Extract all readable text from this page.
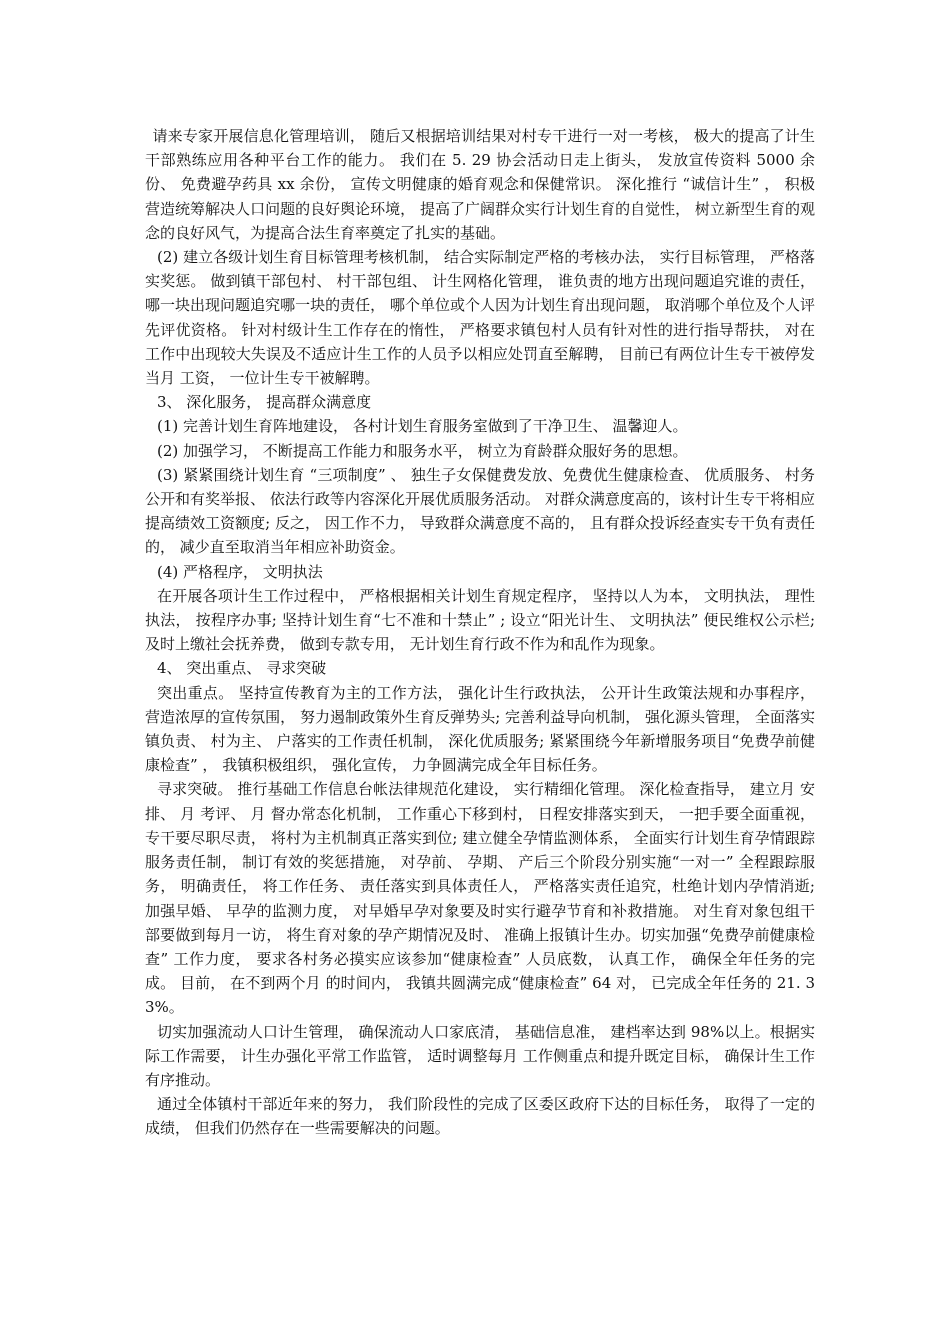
请来专家开展信息化管理培训， 随后又根据培训结果对村专干进行一对一考核， 极大的提高了计生干部熟练应用各种平台工作的能力。 我们在 5. 29 协会活动日走上街头， 发放宣传资料 5000 余份、 免费避孕药具 xx 余份， 宣传文明健康的婚育观念和保健常识。 深化推行 “诚信计生” ， 积极营造统筹解决人口问题的良好舆论环境， 提高了广阔群众实行计划生育的自觉性， 树立新型生育的观念的良好风气，为提高合法生育率奠定了扎实的基础。

(2) 建立各级计划生育目标管理考核机制， 结合实际制定严格的考核办法， 实行目标管理， 严格落实奖惩。 做到镇干部包村、 村干部包组、 计生网格化管理， 谁负责的地方出现问题追究谁的责任，哪一块出现问题追究哪一块的责任， 哪个单位或个人因为计划生育出现问题， 取消哪个单位及个人评先评优资格。 针对村级计生工作存在的惰性， 严格要求镇包村人员有针对性的进行指导帮扶， 对在工作中出现较大失误及不适应计生工作的人员予以相应处罚直至解聘， 目前已有两位计生专干被停发当月 工资， 一位计生专干被解聘。

3、 深化服务， 提高群众满意度

(1) 完善计划生育阵地建设， 各村计划生育服务室做到了干净卫生、 温馨迎人。

(2) 加强学习， 不断提高工作能力和服务水平， 树立为育龄群众服好务的思想。

(3) 紧紧围绕计划生育 “三项制度” 、 独生子女保健费发放、免费优生健康检查、 优质服务、 村务公开和有奖举报、 依法行政等内容深化开展优质服务活动。 对群众满意度高的，该村计生专干将相应提高绩效工资额度; 反之， 因工作不力， 导致群众满意度不高的， 且有群众投诉经查实专干负有责任的， 减少直至取消当年相应补助资金。

(4) 严格程序， 文明执法

在开展各项计生工作过程中， 严格根据相关计划生育规定程序， 坚持以人为本， 文明执法， 理性执法， 按程序办事; 坚持计划生育“七不准和十禁止” ; 设立“阳光计生、 文明执法” 便民维权公示栏; 及时上缴社会抚养费， 做到专款专用， 无计划生育行政不作为和乱作为现象。

4、 突出重点、 寻求突破

突出重点。 坚持宣传教育为主的工作方法， 强化计生行政执法， 公开计生政策法规和办事程序， 营造浓厚的宣传氛围， 努力遏制政策外生育反弹势头; 完善利益导向机制， 强化源头管理， 全面落实镇负责、 村为主、 户落实的工作责任机制， 深化优质服务; 紧紧围绕今年新增服务项目“免费孕前健康检查” ， 我镇积极组织， 强化宣传， 力争圆满完成全年目标任务。

寻求突破。 推行基础工作信息台帐法律规范化建设， 实行精细化管理。 深化检查指导， 建立月 安排、 月 考评、 月 督办常态化机制， 工作重心下移到村， 日程安排落实到天， 一把手要全面重视， 专干要尽职尽责， 将村为主机制真正落实到位; 建立健全孕情监测体系， 全面实行计划生育孕情跟踪服务责任制， 制订有效的奖惩措施， 对孕前、 孕期、 产后三个阶段分别实施“一对一” 全程跟踪服务， 明确责任， 将工作任务、 责任落实到具体责任人， 严格落实责任追究，杜绝计划内孕情消逝; 加强早婚、 早孕的监测力度， 对早婚早孕对象要及时实行避孕节育和补救措施。 对生育对象包组干部要做到每月一访， 将生育对象的孕产期情况及时、 准确上报镇计生办。切实加强“免费孕前健康检查” 工作力度， 要求各村务必摸实应该参加“健康检查” 人员底数， 认真工作， 确保全年任务的完成。 目前， 在不到两个月 的时间内， 我镇共圆满完成“健康检查” 64 对， 已完成全年任务的 21. 33%。

切实加强流动人口计生管理， 确保流动人口家底清， 基础信息准， 建档率达到 98%以上。根据实际工作需要， 计生办强化平常工作监管， 适时调整每月 工作侧重点和提升既定目标， 确保计生工作有序推动。

通过全体镇村干部近年来的努力， 我们阶段性的完成了区委区政府下达的目标任务， 取得了一定的成绩， 但我们仍然存在一些需要解决的问题。
